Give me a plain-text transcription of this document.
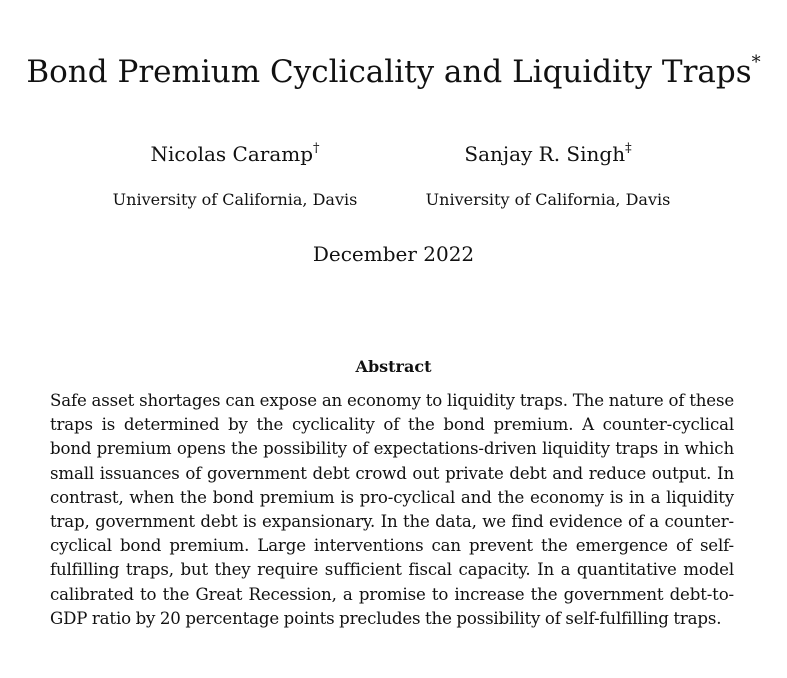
Bond Premium Cyclicality and Liquidity Traps*
Nicolas Caramp†
University of California, Davis
Sanjay R. Singh‡
University of California, Davis
December 2022
Abstract
Safe asset shortages can expose an economy to liquidity traps. The nature of these traps is determined by the cyclicality of the bond premium. A counter-cyclical bond premium opens the possibility of expectations-driven liquidity traps in which small issuances of government debt crowd out private debt and reduce output. In contrast, when the bond premium is pro-cyclical and the economy is in a liquidity trap, government debt is expansionary. In the data, we find evidence of a counter-cyclical bond premium. Large interventions can prevent the emergence of self-fulfilling traps, but they require sufficient fiscal capacity. In a quantitative model calibrated to the Great Recession, a promise to increase the government debt-to-GDP ratio by 20 percentage points precludes the possibility of self-fulfilling traps.
